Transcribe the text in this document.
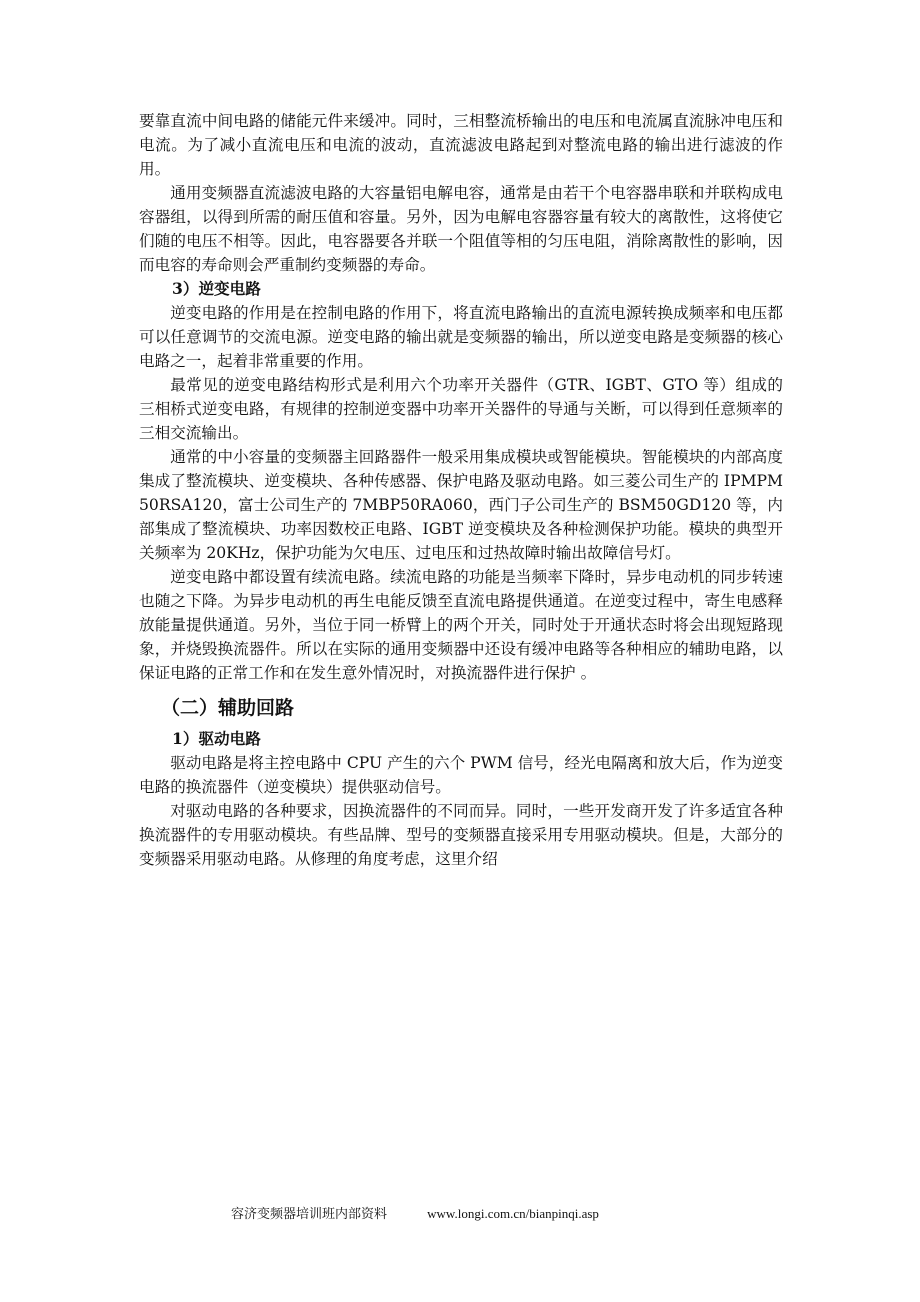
要靠直流中间电路的储能元件来缓冲。同时，三相整流桥输出的电压和电流属直流脉冲电压和电流。为了减小直流电压和电流的波动，直流滤波电路起到对整流电路的输出进行滤波的作用。

通用变频器直流滤波电路的大容量铝电解电容，通常是由若干个电容器串联和并联构成电容器组，以得到所需的耐压值和容量。另外，因为电解电容器容量有较大的离散性，这将使它们随的电压不相等。因此，电容器要各并联一个阻值等相的匀压电阻，消除离散性的影响，因而电容的寿命则会严重制约变频器的寿命。

3）逆变电路

逆变电路的作用是在控制电路的作用下，将直流电路输出的直流电源转换成频率和电压都可以任意调节的交流电源。逆变电路的输出就是变频器的输出，所以逆变电路是变频器的核心电路之一，起着非常重要的作用。

最常见的逆变电路结构形式是利用六个功率开关器件（GTR、IGBT、GTO 等）组成的三相桥式逆变电路，有规律的控制逆变器中功率开关器件的导通与关断，可以得到任意频率的三相交流输出。

通常的中小容量的变频器主回路器件一般采用集成模块或智能模块。智能模块的内部高度集成了整流模块、逆变模块、各种传感器、保护电路及驱动电路。如三菱公司生产的 IPMPM50RSA120，富士公司生产的 7MBP50RA060，西门子公司生产的 BSM50GD120 等，内部集成了整流模块、功率因数校正电路、IGBT 逆变模块及各种检测保护功能。模块的典型开关频率为 20KHz，保护功能为欠电压、过电压和过热故障时输出故障信号灯。

逆变电路中都设置有续流电路。续流电路的功能是当频率下降时，异步电动机的同步转速也随之下降。为异步电动机的再生电能反馈至直流电路提供通道。在逆变过程中，寄生电感释放能量提供通道。另外，当位于同一桥臂上的两个开关，同时处于开通状态时将会出现短路现象，并烧毁换流器件。所以在实际的通用变频器中还设有缓冲电路等各种相应的辅助电路，以保证电路的正常工作和在发生意外情况时，对换流器件进行保护 。

（二）辅助回路

1）驱动电路

驱动电路是将主控电路中 CPU 产生的六个 PWM 信号，经光电隔离和放大后，作为逆变电路的换流器件（逆变模块）提供驱动信号。

对驱动电路的各种要求，因换流器件的不同而异。同时，一些开发商开发了许多适宜各种换流器件的专用驱动模块。有些品牌、型号的变频器直接采用专用驱动模块。但是，大部分的变频器采用驱动电路。从修理的角度考虑，这里介绍

容济变频器培训班内部资料	www.longi.com.cn/bianpinqi.asp
